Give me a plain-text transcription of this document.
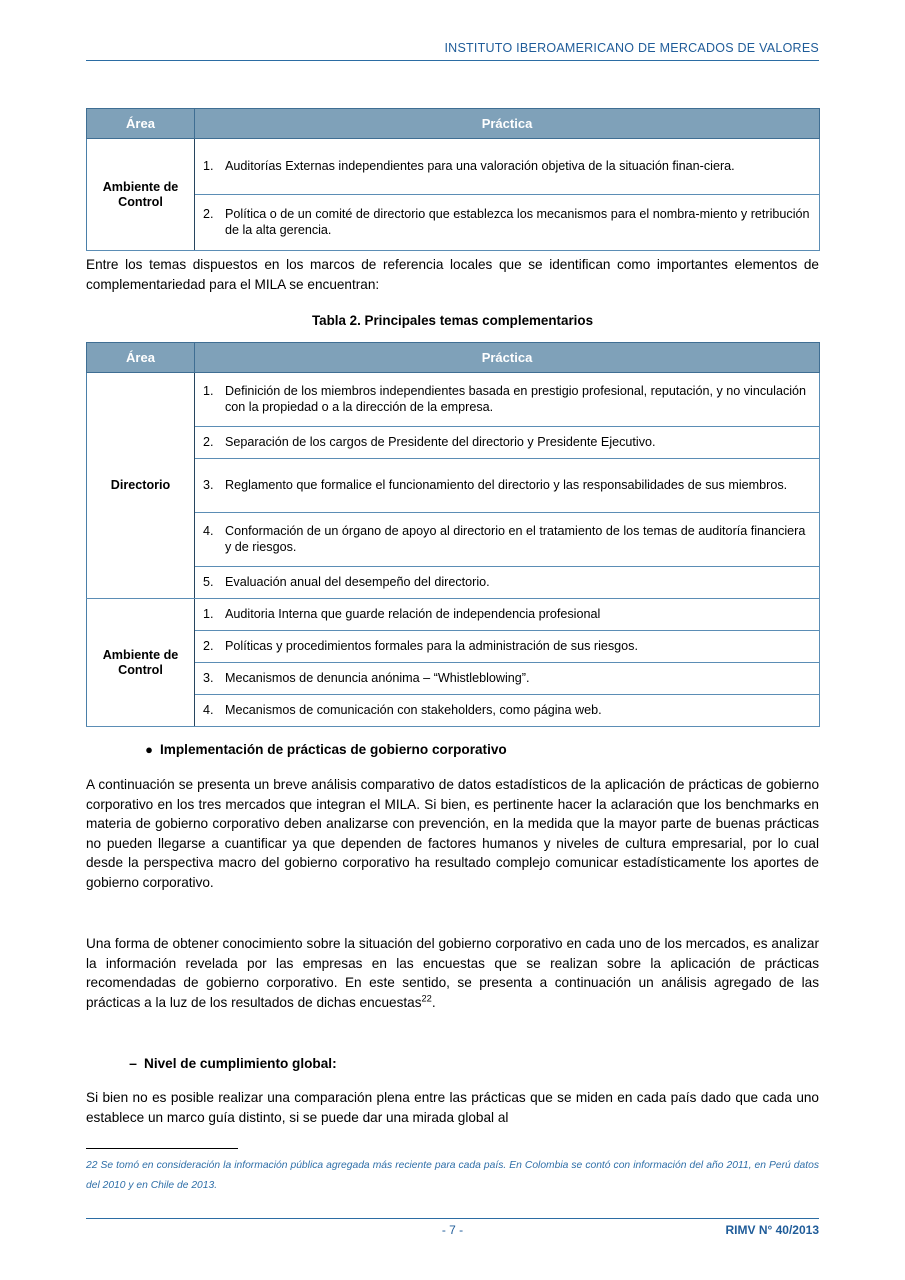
INSTITUTO IBEROAMERICANO DE MERCADOS DE VALORES
Área	Práctica
Ambiente de Control	1. Auditorías Externas independientes para una valoración objetiva de la situación finan-ciera.

	2. Política o de un comité de directorio que establezca los mecanismos para el nombra-miento y retribución de la alta gerencia.

Entre los temas dispuestos en los marcos de referencia locales que se identifican como importantes elementos de complementariedad para el MILA se encuentran:

Tabla 2. Principales temas complementarios

Área	Práctica
Directorio	1. Definición de los miembros independientes basada en prestigio profesional, reputación, y no vinculación con la propiedad o a la dirección de la empresa.

	2. Separación de los cargos de Presidente del directorio y Presidente Ejecutivo.

	3. Reglamento que formalice el funcionamiento del directorio y las responsabilidades de sus miembros.

	4. Conformación de un órgano de apoyo al directorio en el tratamiento de los temas de auditoría financiera y de riesgos.

	5. Evaluación anual del desempeño del directorio.

Ambiente de Control	1. Auditoria Interna que guarde relación de independencia profesional

	2. Políticas y procedimientos formales para la administración de sus riesgos.

	3. Mecanismos de denuncia anónima – “Whistleblowing”.

	4. Mecanismos de comunicación con stakeholders, como página web.
● Implementación de prácticas de gobierno corporativo

A continuación se presenta un breve análisis comparativo de datos estadísticos de la aplicación de prácticas de gobierno corporativo en los tres mercados que integran el MILA. Si bien, es pertinente hacer la aclaración que los benchmarks en materia de gobierno corporativo deben analizarse con prevención, en la medida que la mayor parte de buenas prácticas no pueden llegarse a cuantificar ya que dependen de factores humanos y niveles de cultura empresarial, por lo cual desde la perspectiva macro del gobierno corporativo ha resultado complejo comunicar estadísticamente los aportes de gobierno corporativo.

Una forma de obtener conocimiento sobre la situación del gobierno corporativo en cada uno de los mercados, es analizar la información revelada por las empresas en las encuestas que se realizan sobre la aplicación de prácticas recomendadas de gobierno corporativo. En este sentido, se presenta a continuación un análisis agregado de las prácticas a la luz de los resultados de dichas encuestas$^{22}$.

– Nivel de cumplimiento global:

Si bien no es posible realizar una comparación plena entre las prácticas que se miden en cada país dado que cada uno establece un marco guía distinto, si se puede dar una mirada global al

22 Se tomó en consideración la información pública agregada más reciente para cada país. En Colombia se contó con información del año 2011, en Perú datos del 2010 y en Chile de 2013.
- 7 -	RIMV N° 40/2013
